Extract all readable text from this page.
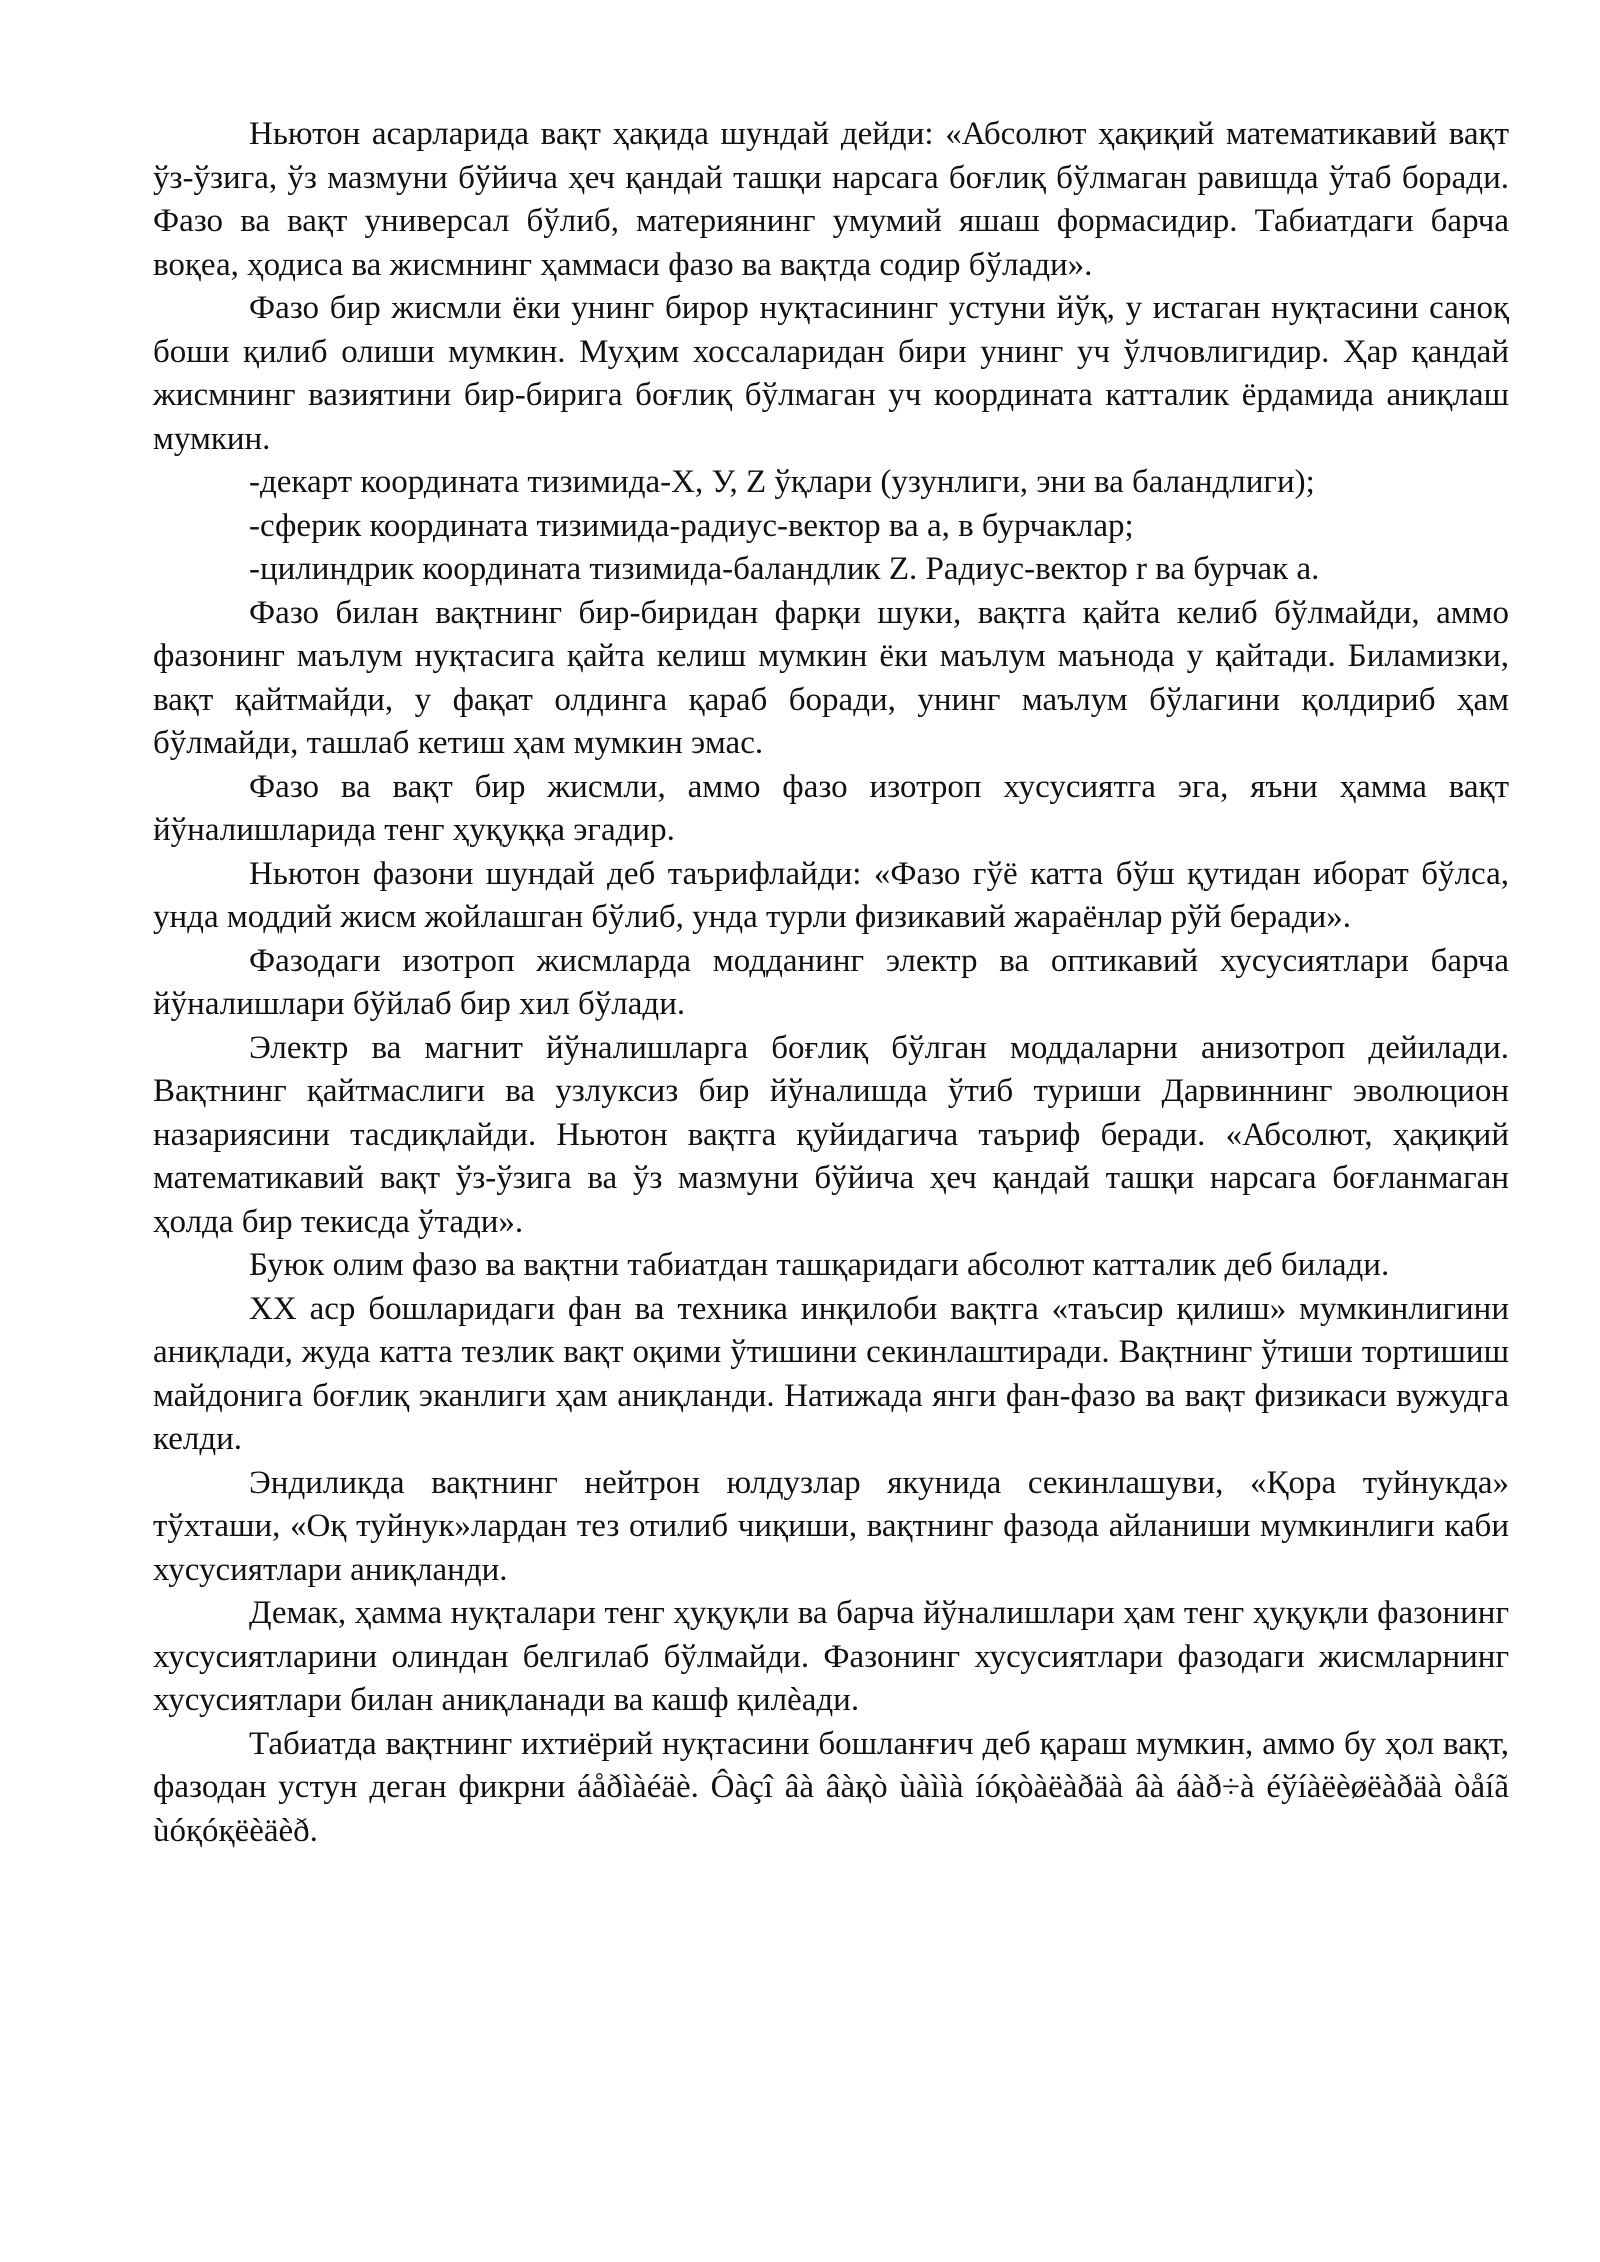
Ньютон асарларида вақт ҳақида шундай дейди: «Абсолют ҳақиқий математикавий вақт ўз-ўзига, ўз мазмуни бўйича ҳеч қандай ташқи нарсага боғлиқ бўлмаган равишда ўтаб боради. Фазо ва вақт универсал бўлиб, материянинг умумий яшаш формасидир. Табиатдаги барча воқеа, ҳодиса ва жисмнинг ҳаммаси фазо ва вақтда содир бўлади».

Фазо бир жисмли ёки унинг бирор нуқтасининг устуни йўқ, у истаган нуқтасини саноқ боши қилиб олиши мумкин. Муҳим хоссаларидан бири унинг уч ўлчовлигидир. Ҳар қандай жисмнинг вазиятини бир-бирига боғлиқ бўлмаган уч координата катталик ёрдамида аниқлаш мумкин.

-декарт координата тизимида-Х, У, Z ўқлари (узунлиги, эни ва баландлиги);

-сферик координата тизимида-радиус-вектор ва а, в бурчаклар;

-цилиндрик координата тизимида-баландлик Z. Радиус-вектор r ва бурчак а.

Фазо билан вақтнинг бир-биридан фарқи шуки, вақтга қайта келиб бўлмайди, аммо фазонинг маълум нуқтасига қайта келиш мумкин ёки маълум маънода у қайтади. Биламизки, вақт қайтмайди, у фақат олдинга қараб боради, унинг маълум бўлагини қолдириб ҳам бўлмайди, ташлаб кетиш ҳам мумкин эмас.

Фазо ва вақт бир жисмли, аммо фазо изотроп хусусиятга эга, яъни ҳамма вақт йўналишларида тенг ҳуқуққа эгадир.

Ньютон фазони шундай деб таърифлайди: «Фазо гўё катта бўш қутидан иборат бўлса, унда моддий жисм жойлашган бўлиб, унда турли физикавий жараёнлар рўй беради».

Фазодаги изотроп жисмларда модданинг электр ва оптикавий хусусиятлари барча йўналишлари бўйлаб бир хил бўлади.

Электр ва магнит йўналишларга боғлиқ бўлган моддаларни анизотроп дейилади. Вақтнинг қайтмаслиги ва узлуксиз бир йўналишда ўтиб туриши Дарвиннинг эволюцион назариясини тасдиқлайди. Ньютон вақтга қуйидагича таъриф беради. «Абсолют, ҳақиқий математикавий вақт ўз-ўзига ва ўз мазмуни бўйича ҳеч қандай ташқи нарсага боғланмаган ҳолда бир текисда ўтади».

Буюк олим фазо ва вақтни табиатдан ташқаридаги абсолют катталик деб билади.

XX аср бошларидаги фан ва техника инқилоби вақтга «таъсир қилиш» мумкинлигини аниқлади, жуда катта тезлик вақт оқими ўтишини секинлаштиради. Вақтнинг ўтиши тортишиш майдонига боғлиқ эканлиги ҳам аниқланди. Натижада янги фан-фазо ва вақт физикаси вужудга келди.

Эндиликда вақтнинг нейтрон юлдузлар якунида секинлашуви, «Қора туйнукда» тўхташи, «Оқ туйнук»лардан тез отилиб чиқиши, вақтнинг фазода айланиши мумкинлиги каби хусусиятлари аниқланди.

Демак, ҳамма нуқталари тенг ҳуқуқли ва барча йўналишлари ҳам тенг ҳуқуқли фазонинг хусусиятларини олиндан белгилаб бўлмайди. Фазонинг хусусиятлари фазодаги жисмларнинг хусусиятлари билан аниқланади ва кашф қилѐади.

Табиатда вақтнинг ихтиёрий нуқтасини бошланғич деб қараш мумкин, аммо бу ҳол вақт, фазодан устун деган фикрни áåðìàéäè. Ôàçî âà âàқò ùàììà íóқòàëàðäà âà áàð÷à éўíàëèøëàðäà òåíã ùóқóқëèäèð.
